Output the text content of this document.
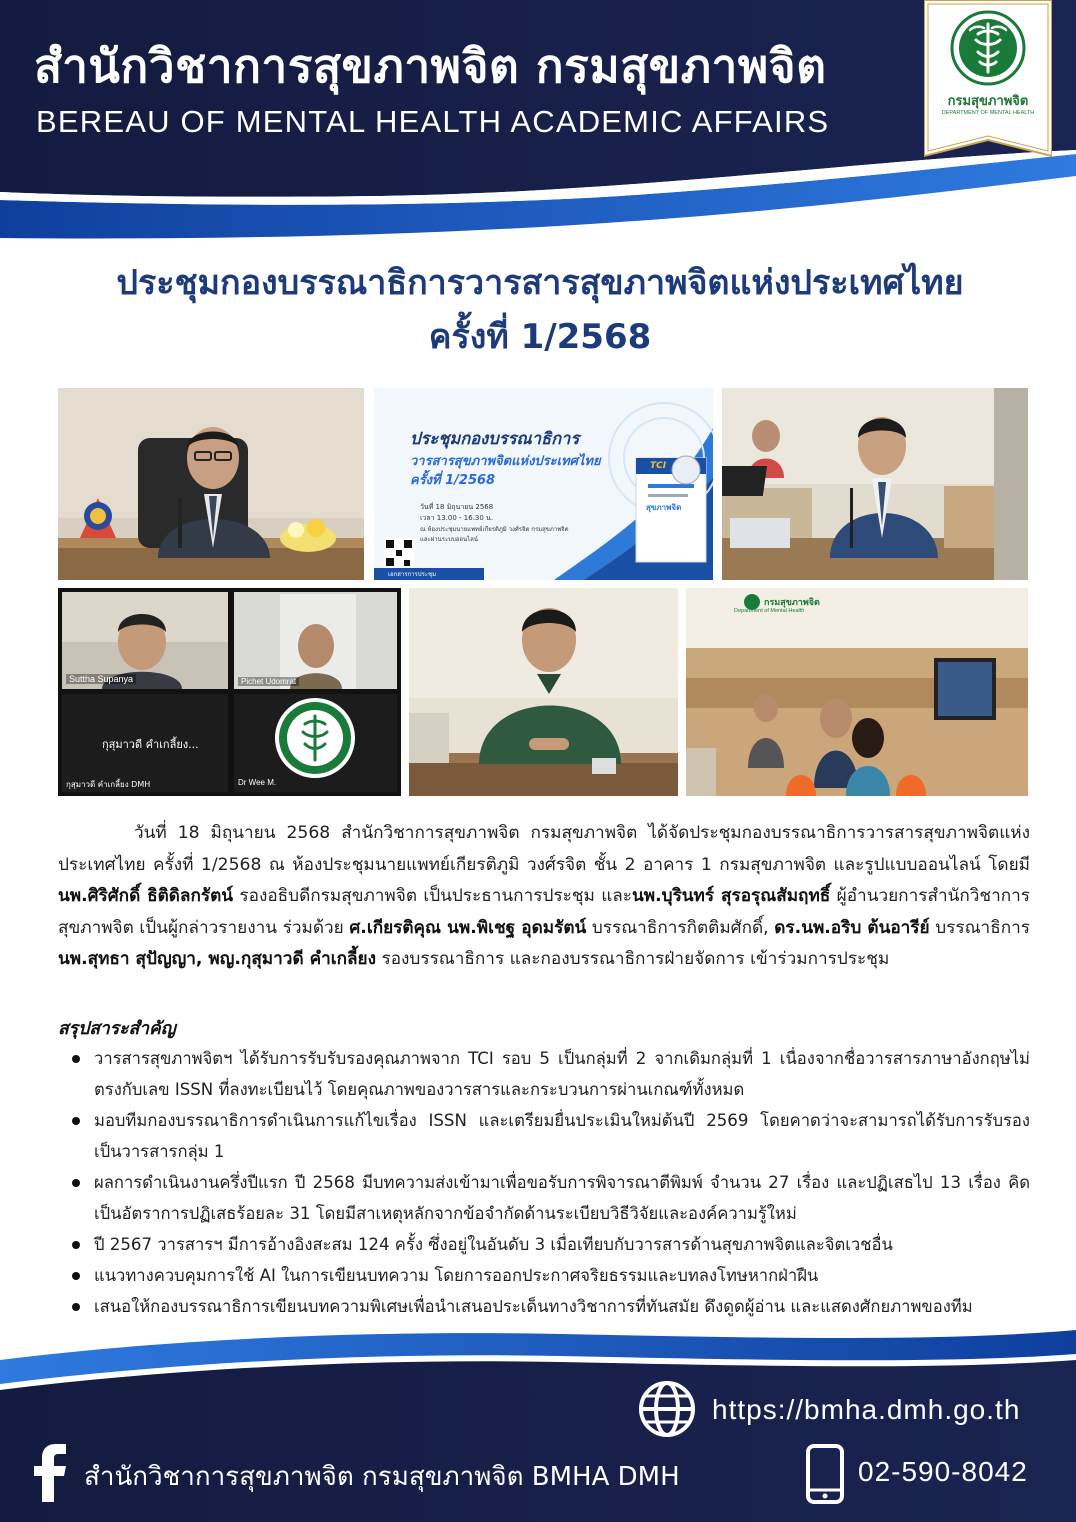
สำนักวิชาการสุขภาพจิต กรมสุขภาพจิต
BEREAU OF MENTAL HEALTH ACADEMIC AFFAIRS
กรมสุขภาพจิต
DEPARTMENT OF MENTAL HEALTH
ประชุมกองบรรณาธิการวารสารสุขภาพจิตแห่งประเทศไทย
ครั้งที่ 1/2568
ประชุมกองบรรณาธิการ
วารสารสุขภาพจิตแห่งประเทศไทย
ครั้งที่ 1/2568
วันที่ 18 มิถุนายน 2568
เวลา 13.00 - 16.30 น.
ณ ห้องประชุมนายแพทย์เกียรติภูมิ วงศ์รจิต กรมสุขภาพจิต
และผ่านระบบออนไลน์
TCI
สุขภาพจิต
เอกสารการประชุม
Suttha Supanya	Pichet Udomrat
กุสุมาวดี คำเกลี้ยง...
กุสุมาวดี คำเกลี้ยง DMH	Dr Wee M.
กรมสุขภาพจิต
Department of Mental Health
วันที่ 18 มิถุนายน 2568 สำนักวิชาการสุขภาพจิต กรมสุขภาพจิต ได้จัดประชุมกองบรรณาธิการวารสารสุขภาพจิตแห่งประเทศไทย ครั้งที่ 1/2568 ณ ห้องประชุมนายแพทย์เกียรติภูมิ วงศ์รจิต ชั้น 2 อาคาร 1 กรมสุขภาพจิต และรูปแบบออนไลน์ โดยมี นพ.ศิริศักดิ์ ธิติดิลกรัตน์ รองอธิบดีกรมสุขภาพจิต เป็นประธานการประชุม และนพ.บุรินทร์ สุรอรุณสัมฤทธิ์ ผู้อำนวยการสำนักวิชาการสุขภาพจิต เป็นผู้กล่าวรายงาน ร่วมด้วย ศ.เกียรติคุณ นพ.พิเชฐ อุดมรัตน์ บรรณาธิการกิตติมศักดิ์, ดร.นพ.อริบ ต้นอารีย์ บรรณาธิการ นพ.สุทธา สุปัญญา, พญ.กุสุมาวดี คำเกลี้ยง รองบรรณาธิการ และกองบรรณาธิการฝ่ายจัดการ เข้าร่วมการประชุม
สรุปสาระสำคัญ
วารสารสุขภาพจิตฯ ได้รับการรับรับรองคุณภาพจาก TCI รอบ 5 เป็นกลุ่มที่ 2 จากเดิมกลุ่มที่ 1 เนื่องจากชื่อวารสารภาษาอังกฤษไม่ตรงกับเลข ISSN ที่ลงทะเบียนไว้ โดยคุณภาพของวารสารและกระบวนการผ่านเกณฑ์ทั้งหมด
มอบทีมกองบรรณาธิการดำเนินการแก้ไขเรื่อง ISSN และเตรียมยื่นประเมินใหม่ต้นปี 2569 โดยคาดว่าจะสามารถได้รับการรับรองเป็นวารสารกลุ่ม 1
ผลการดำเนินงานครึ่งปีแรก ปี 2568 มีบทความส่งเข้ามาเพื่อขอรับการพิจารณาตีพิมพ์ จำนวน 27 เรื่อง และปฏิเสธไป 13 เรื่อง คิดเป็นอัตราการปฏิเสธร้อยละ 31 โดยมีสาเหตุหลักจากข้อจำกัดด้านระเบียบวิธีวิจัยและองค์ความรู้ใหม่
ปี 2567 วารสารฯ มีการอ้างอิงสะสม 124 ครั้ง ซึ่งอยู่ในอันดับ 3 เมื่อเทียบกับวารสารด้านสุขภาพจิตและจิตเวชอื่น
แนวทางควบคุมการใช้ AI ในการเขียนบทความ โดยการออกประกาศจริยธรรมและบทลงโทษหากฝ่าฝืน
เสนอให้กองบรรณาธิการเขียนบทความพิเศษเพื่อนำเสนอประเด็นทางวิชาการที่ทันสมัย ดึงดูดผู้อ่าน และแสดงศักยภาพของทีม
https://bmha.dmh.go.th
สำนักวิชาการสุขภาพจิต กรมสุขภาพจิต BMHA DMH	02-590-8042
